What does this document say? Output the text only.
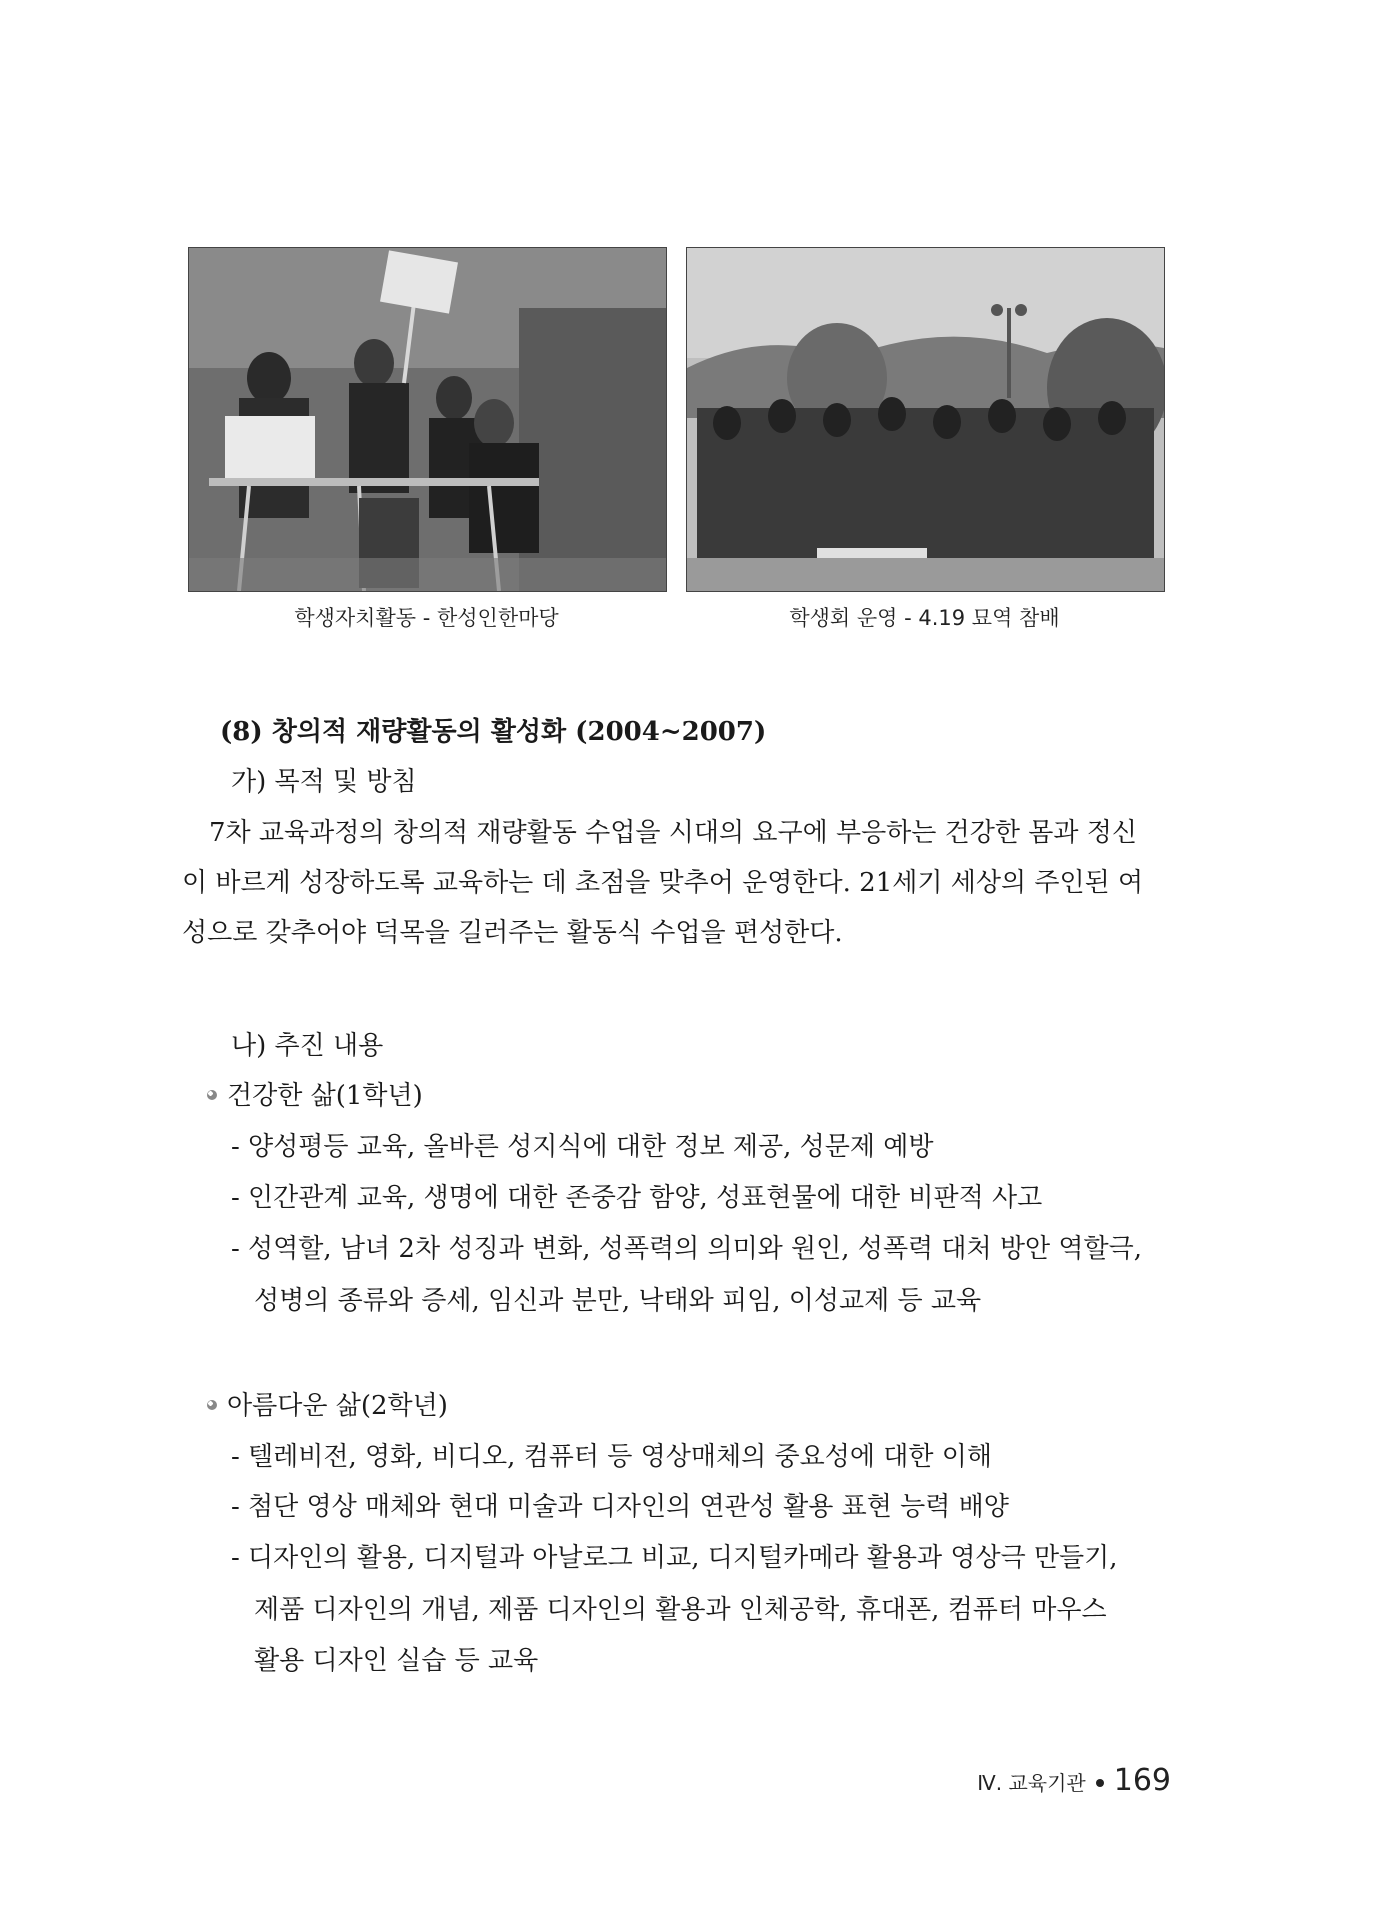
학생자치활동 - 한성인한마당	학생회 운영 - 4.19 묘역 참배
(8) 창의적 재량활동의 활성화 (2004~2007)
가) 목적 및 방침
7차 교육과정의 창의적 재량활동 수업을 시대의 요구에 부응하는 건강한 몸과 정신
이 바르게 성장하도록 교육하는 데 초점을 맞추어 운영한다. 21세기 세상의 주인된 여
성으로 갖추어야 덕목을 길러주는 활동식 수업을 편성한다.
나) 추진 내용
건강한 삶(1학년)
- 양성평등 교육, 올바른 성지식에 대한 정보 제공, 성문제 예방
- 인간관계 교육, 생명에 대한 존중감 함양, 성표현물에 대한 비판적 사고
- 성역할, 남녀 2차 성징과 변화, 성폭력의 의미와 원인, 성폭력 대처 방안 역할극,
성병의 종류와 증세, 임신과 분만, 낙태와 피임, 이성교제 등 교육
아름다운 삶(2학년)
- 텔레비전, 영화, 비디오, 컴퓨터 등 영상매체의 중요성에 대한 이해
- 첨단 영상 매체와 현대 미술과 디자인의 연관성 활용 표현 능력 배양
- 디자인의 활용, 디지털과 아날로그 비교, 디지털카메라 활용과 영상극 만들기,
제품 디자인의 개념, 제품 디자인의 활용과 인체공학, 휴대폰, 컴퓨터 마우스
활용 디자인 실습 등 교육
Ⅳ. 교육기관 169
